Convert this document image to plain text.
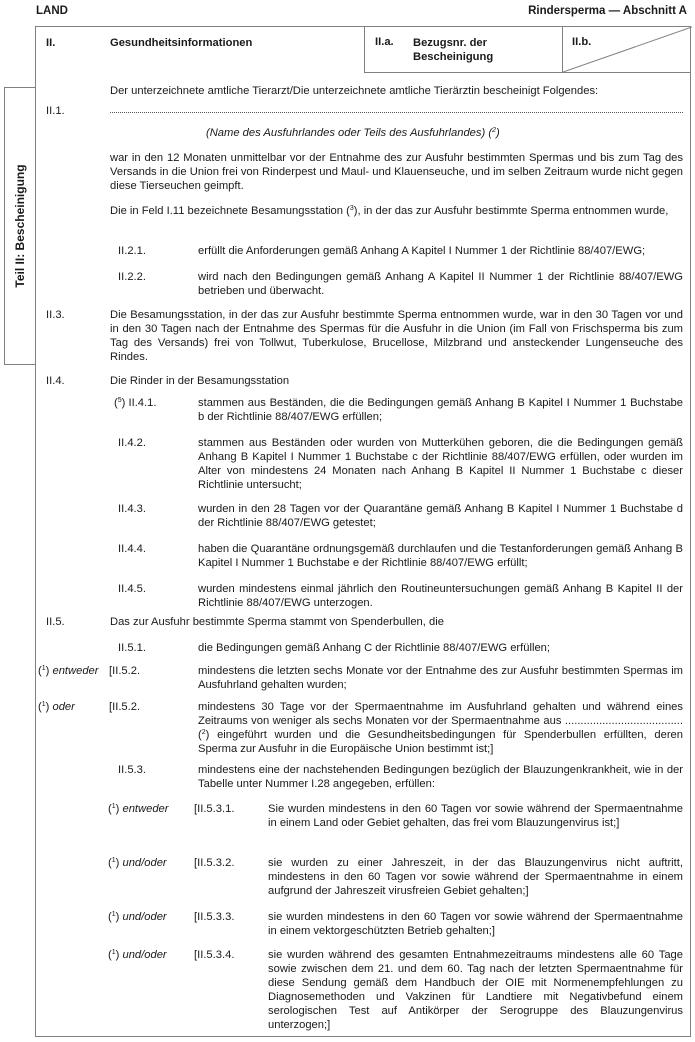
LAND	Rindersperma — Abschnitt A
II.	Gesundheitsinformationen	II.a. Bezugsnr. der
Bescheinigung
II.b.
Teil II: Bescheinigung
Der unterzeichnete amtliche Tierarzt/Die unterzeichnete amtliche Tierärztin bescheinigt Folgendes:
II.1.
(Name des Ausfuhrlandes oder Teils des Ausfuhrlandes) ($^2$)
war in den 12 Monaten unmittelbar vor der Entnahme des zur Ausfuhr bestimmten Spermas und bis zum Tag des Versands in die Union frei von Rinderpest und Maul- und Klauenseuche, und im selben Zeitraum wurde nicht gegen diese Tierseuchen geimpft.
Die in Feld I.11 bezeichnete Besamungsstation ($^3$), in der das zur Ausfuhr bestimmte Sperma entnommen wurde,
II.2.1.	erfüllt die Anforderungen gemäß Anhang A Kapitel I Nummer 1 der Richtlinie 88/407/EWG;
II.2.2.	wird nach den Bedingungen gemäß Anhang A Kapitel II Nummer 1 der Richtlinie 88/407/EWG betrieben und überwacht.
II.3.	Die Besamungsstation, in der das zur Ausfuhr bestimmte Sperma entnommen wurde, war in den 30 Tagen vor und in den 30 Tagen nach der Entnahme des Spermas für die Ausfuhr in die Union (im Fall von Frischsperma bis zum Tag des Versands) frei von Tollwut, Tuberkulose, Brucellose, Milzbrand und ansteckender Lungenseuche des Rindes.
II.4.	Die Rinder in der Besamungsstation
($^5$) II.4.1.	stammen aus Beständen, die die Bedingungen gemäß Anhang B Kapitel I Nummer 1 Buchstabe b der Richtlinie 88/407/EWG erfüllen;
II.4.2.	stammen aus Beständen oder wurden von Mutterkühen geboren, die die Bedingungen gemäß Anhang B Kapitel I Nummer 1 Buchstabe c der Richtlinie 88/407/EWG erfüllen, oder wurden im Alter von mindestens 24 Monaten nach Anhang B Kapitel II Nummer 1 Buchstabe c dieser Richtlinie untersucht;
II.4.3.	wurden in den 28 Tagen vor der Quarantäne gemäß Anhang B Kapitel I Nummer 1 Buchstabe d der Richtlinie 88/407/EWG getestet;
II.4.4.	haben die Quarantäne ordnungsgemäß durchlaufen und die Testanforderungen gemäß Anhang B Kapitel I Nummer 1 Buchstabe e der Richtlinie 88/407/EWG erfüllt;
II.4.5.	wurden mindestens einmal jährlich den Routineuntersuchungen gemäß Anhang B Kapitel II der Richtlinie 88/407/EWG unterzogen.
II.5.	Das zur Ausfuhr bestimmte Sperma stammt von Spenderbullen, die
II.5.1.	die Bedingungen gemäß Anhang C der Richtlinie 88/407/EWG erfüllen;
($^1$) entweder [II.5.2.	mindestens die letzten sechs Monate vor der Entnahme des zur Ausfuhr bestimmten Spermas im Ausfuhrland gehalten wurden;
($^1$) oder	[II.5.2.	mindestens 30 Tage vor der Spermaentnahme im Ausfuhrland gehalten und während eines Zeitraums von weniger als sechs Monaten vor der Spermaentnahme aus ...................................... ($^2$) eingeführt wurden und die Gesundheitsbedingungen für Spenderbullen erfüllten, deren Sperma zur Ausfuhr in die Europäische Union bestimmt ist;]
II.5.3.	mindestens eine der nachstehenden Bedingungen bezüglich der Blauzungenkrankheit, wie in der Tabelle unter Nummer I.28 angegeben, erfüllen:
($^1$) entweder [II.5.3.1.	Sie wurden mindestens in den 60 Tagen vor sowie während der Spermaentnahme in einem Land oder Gebiet gehalten, das frei vom Blauzungenvirus ist;]
($^1$) und/oder [II.5.3.2.	sie wurden zu einer Jahreszeit, in der das Blauzungenvirus nicht auftritt, mindestens in den 60 Tagen vor sowie während der Spermaentnahme in einem aufgrund der Jahreszeit virusfreien Gebiet gehalten;]
($^1$) und/oder [II.5.3.3.	sie wurden mindestens in den 60 Tagen vor sowie während der Spermaentnahme in einem vektorgeschützten Betrieb gehalten;]
($^1$) und/oder [II.5.3.4.	sie wurden während des gesamten Entnahmezeitraums mindestens alle 60 Tage sowie zwischen dem 21. und dem 60. Tag nach der letzten Spermaentnahme für diese Sendung gemäß dem Handbuch der OIE mit Normenempfehlungen zu Diagnosemethoden und Vakzinen für Landtiere mit Negativbefund einem serologischen Test auf Antikörper der Serogruppe des Blauzungenvirus unterzogen;]
